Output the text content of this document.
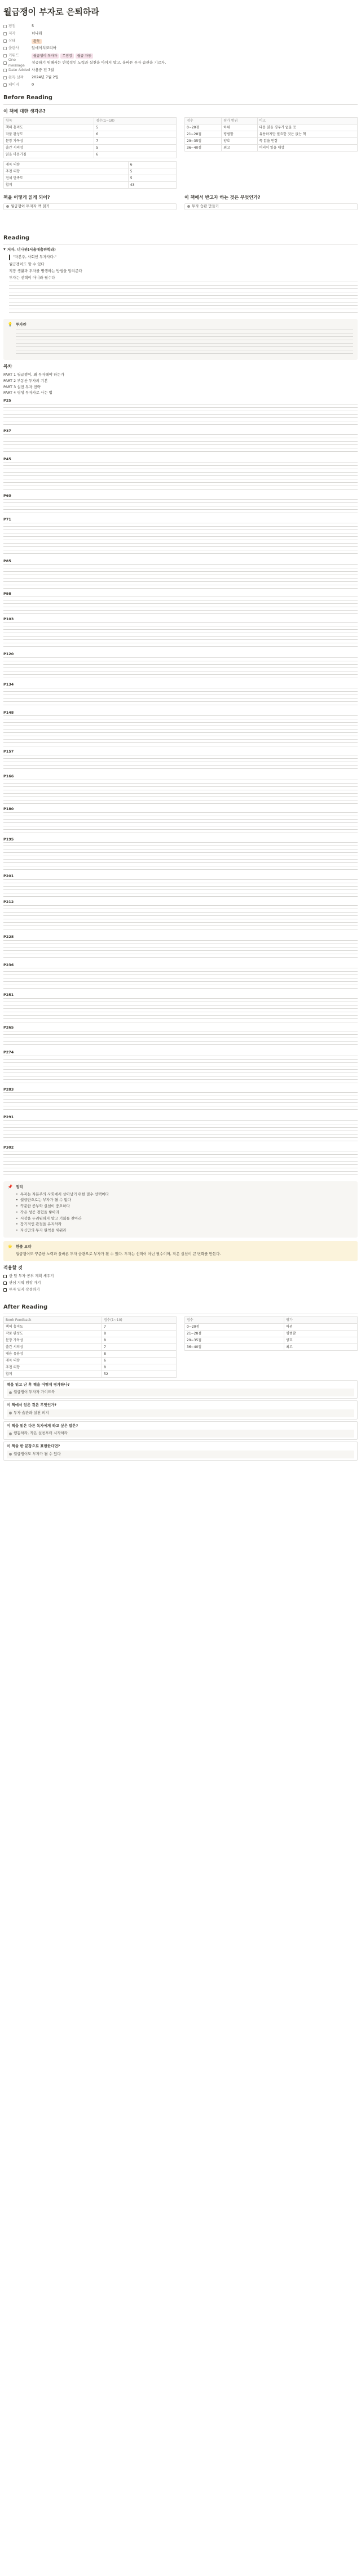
월급쟁이 부자로 은퇴하라
평점	5
저자	너나위
상태	완독
출판사	알에이치코리아
키워드	월급쟁이 투자자	무점장	월급 자동
One message
성공하기 위해서는 반복적인 노력과 실천을 아끼지 말고, 올바른 투자 습관을 기르자.
Date Added 사용중 전 7월
완독 날짜 2024년 7월 2일
페이지	0
Before Reading
이 책에 대한 생각은?
항목	점수(1~10)
책의 흥미도	5
작품 완성도	6
문장 가독성	7
출간 시의성	5
읽을 마음가짐	6
재독 의향	6
추천 의향	5
전체 만족도	5
합계	43
점수	평가 범위	비고
0~20점	하위	다음 읽을 경우가 없을 듯
21~28점	평범함	유용하지만 필요한 것은 없는 책
29~35점	양호	꼭 읽을 만함
36~40점	최고	여러이 읽을 대상
책을 어떻게 읽게 되어?
월급쟁이 투자자 책 읽기
이 책에서 받고자 하는 것은 무엇인가?
투자 습관 만들기
Reading
▼ 저자, 너나위(서울대출판학과)
"자본주, 사회인 투자자다."
월급쟁이도 할 수 있다
직장 생활과 투자를 병행하는 방법을 알려준다
투자는 선택이 아니라 필수다
💡 투자란
목차
PART 1 월급쟁이, 왜 투자해야 하는가
PART 2 부동산 투자의 기본
PART 3 실전 투자 전략
PART 4 평생 투자자로 사는 법
P25
P37
P45
P60
P71
P85
P98
P103
P120
P134
P148
P157
P166
P180
P195
P201
P212
P228
P236
P251
P265
P274
P283
P291
P302
📌 정리
• 투자는 자본주의 사회에서 살아남기 위한 필수 선택이다
• 월급만으로는 부자가 될 수 없다
• 꾸준한 공부와 실천이 중요하다
• 작은 성공 경험을 쌓아라
• 시장을 두려워하지 말고 기회를 찾아라
• 장기적인 관점을 유지하라
• 자신만의 투자 원칙을 세워라
⭐ 한줄 요약
월급쟁이도 꾸준한 노력과 올바른 투자 습관으로 부자가 될 수 있다. 투자는 선택이 아닌 필수이며, 작은 실천이 큰 변화를 만든다.
적용할 것
한 달 투자 공부 계획 세우기
관심 지역 임장 가기
투자 일지 작성하기
After Reading
Book Feedback	점수(1~10)
책의 흥미도	7
작품 완성도	8
문장 가독성	8
출간 시의성	7
내용 유용성	8
재독 의향	6
추천 의향	8
합계	52
점수	평가
0~20점	하위
21~28점	평범함
29~35점	양호
36~40점	최고
책을 읽고 난 후 책을 어떻게 평가하나?
월급쟁이 투자자 가이드북
이 책에서 얻은 것은 무엇인가?
투자 습관과 실천 의지
이 책을 읽은 다른 독자에게 하고 싶은 말은?
행동하라, 작은 실천부터 시작하라
이 책을 한 문장으로 표현한다면?
월급쟁이도 부자가 될 수 있다
